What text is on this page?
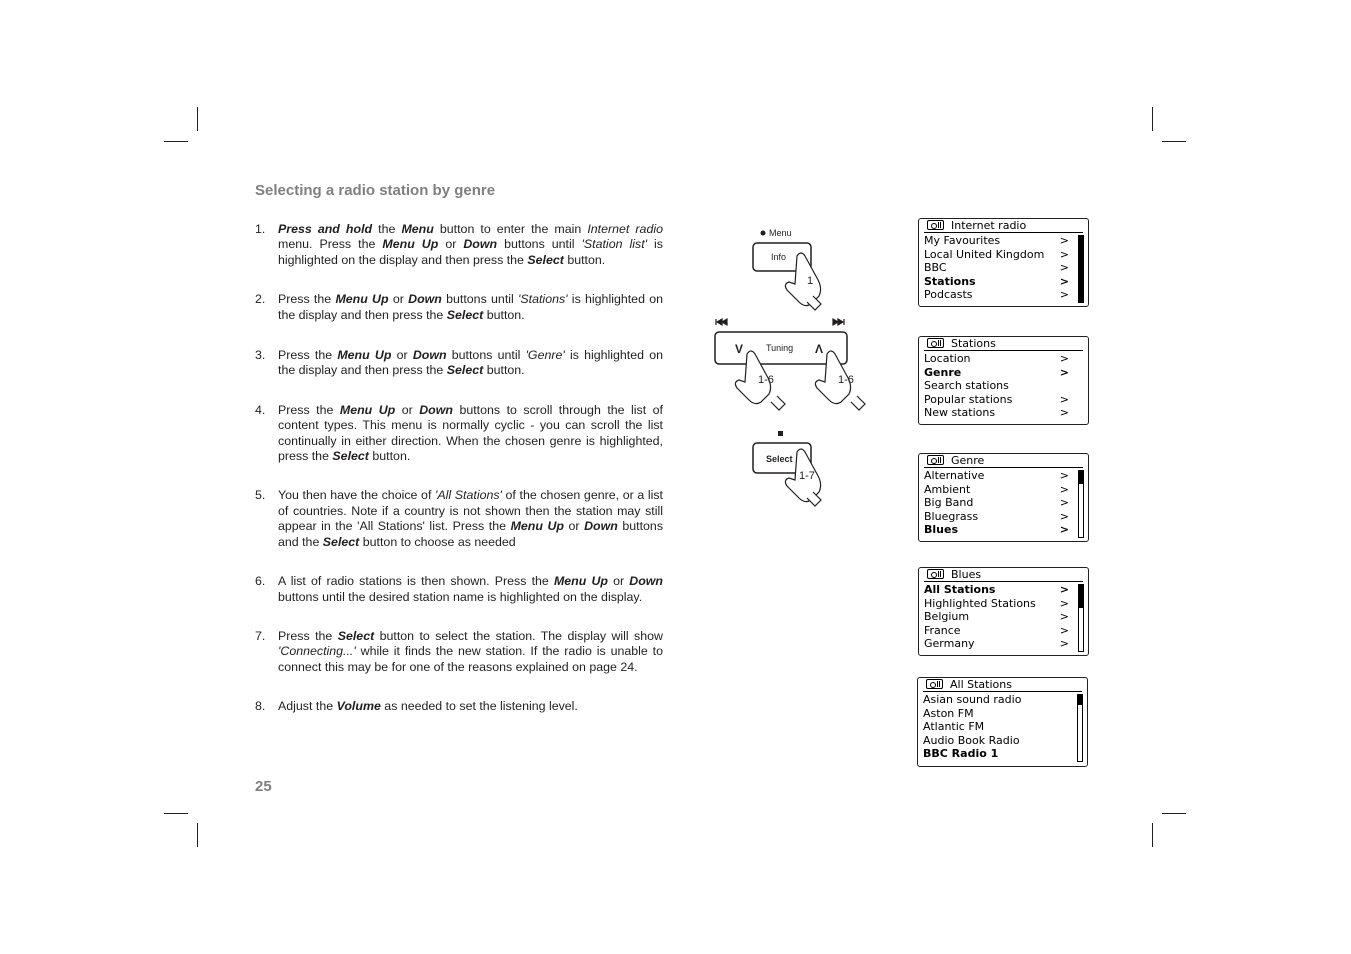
Selecting a radio station by genre
1. Press and hold the Menu button to enter the main Internet radio menu. Press the Menu Up or Down buttons until 'Station list' is highlighted on the display and then press the Select button.
2. Press the Menu Up or Down buttons until 'Stations' is highlighted on the display and then press the Select button.
3. Press the Menu Up or Down buttons until 'Genre' is highlighted on the display and then press the Select button.
4. Press the Menu Up or Down buttons to scroll through the list of content types. This menu is normally cyclic - you can scroll the list continually in either direction. When the chosen genre is highlighted, press the Select button.
5. You then have the choice of 'All Stations' of the chosen genre, or a list of countries. Note if a country is not shown then the station may still appear in the 'All Stations' list. Press the Menu Up or Down buttons and the Select button to choose as needed
6. A list of radio stations is then shown. Press the Menu Up or Down buttons until the desired station name is highlighted on the display.
7. Press the Select button to select the station. The display will show 'Connecting...' while it finds the new station. If the radio is unable to connect this may be for one of the reasons explained on page 24.
8. Adjust the Volume as needed to set the listening level.
25
Menu
Info
1
V	Tuning Λ
1-6	1-6
Select
1-7
Internet radio
My Favourites	>
Local United Kingdom >
BBC	>
Stations	>
Podcasts	>
Stations
Location	>
Genre	>
Search stations
Popular stations	>
New stations	>
Genre
Alternative	>
Ambient	>
Big Band	>
Bluegrass	>
Blues	>
Blues
All Stations	>
Highlighted Stations >
Belgium	>
France	>
Germany	>
All Stations
Asian sound radio
Aston FM
Atlantic FM
Audio Book Radio
BBC Radio 1
